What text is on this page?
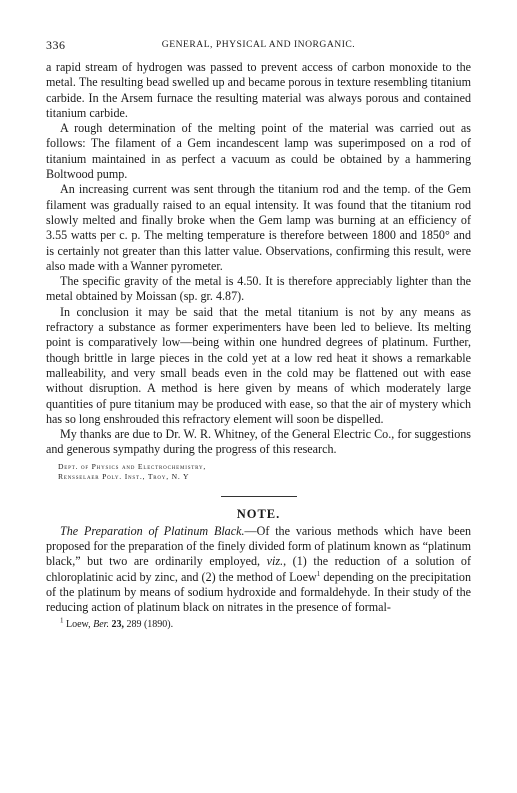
336	GENERAL, PHYSICAL AND INORGANIC.

a rapid stream of hydrogen was passed to prevent access of carbon monoxide to the metal. The resulting bead swelled up and became porous in texture resembling titanium carbide. In the Arsem furnace the resulting material was always porous and contained titanium carbide.

A rough determination of the melting point of the material was carried out as follows: The filament of a Gem incandescent lamp was superimposed on a rod of titanium maintained in as perfect a vacuum as could be obtained by a hammering Boltwood pump.

An increasing current was sent through the titanium rod and the temp. of the Gem filament was gradually raised to an equal intensity. It was found that the titanium rod slowly melted and finally broke when the Gem lamp was burning at an efficiency of 3.55 watts per c. p. The melting temperature is therefore between 1800 and 1850° and is certainly not greater than this latter value. Observations, confirming this result, were also made with a Wanner pyrometer.

The specific gravity of the metal is 4.50. It is therefore appreciably lighter than the metal obtained by Moissan (sp. gr. 4.87).

In conclusion it may be said that the metal titanium is not by any means as refractory a substance as former experimenters have been led to believe. Its melting point is comparatively low—being within one hundred degrees of platinum. Further, though brittle in large pieces in the cold yet at a low red heat it shows a remarkable malleability, and very small beads even in the cold may be flattened out with ease without disruption. A method is here given by means of which moderately large quantities of pure titanium may be produced with ease, so that the air of mystery which has so long enshrouded this refractory element will soon be dispelled.

My thanks are due to Dr. W. R. Whitney, of the General Electric Co., for suggestions and generous sympathy during the progress of this research.

Dept. of Physics and Electrochemistry,
Rensselaer Poly. Inst., Troy, N. Y
NOTE.

The Preparation of Platinum Black.—Of the various methods which have been proposed for the preparation of the finely divided form of platinum known as “platinum black,” but two are ordinarily employed, viz., (1) the reduction of a solution of chloroplatinic acid by zinc, and (2) the method of Loew$^1$ depending on the precipitation of the platinum by means of sodium hydroxide and formaldehyde. In their study of the reducing action of platinum black on nitrates in the presence of formal-

$^1$ Loew, Ber. 23, 289 (1890).
